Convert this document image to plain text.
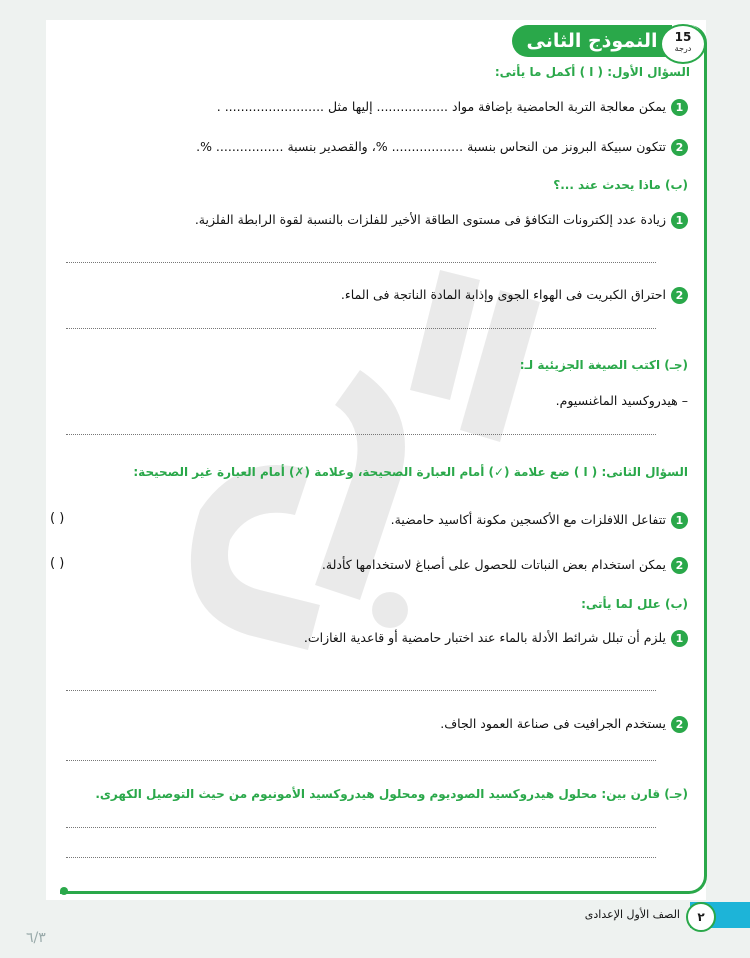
النموذج الثانى	15
درجة
السؤال الأول: ( ا ) أكمل ما يأتى:
1يمكن معالجة التربة الحامضية بإضافة مواد .................. إليها مثل ......................... .
2تتكون سبيكة البرونز من النحاس بنسبة .................. %، والقصدير بنسبة ................. %.
(ب) ماذا يحدث عند ...؟
1زيادة عدد إلكترونات التكافؤ فى مستوى الطاقة الأخير للفلزات بالنسبة لقوة الرابطة الفلزية.
2احتراق الكبريت فى الهواء الجوى وإذابة المادة الناتجة فى الماء.
(جـ) اكتب الصيغة الجزيئية لـ:
– هيدروكسيد الماغنسيوم.
السؤال الثانى: ( ا ) ضع علامة (✓) أمام العبارة الصحيحة، وعلامة (✗) أمام العبارة غير الصحيحة:
1تتفاعل اللافلزات مع الأكسجين مكونة أكاسيد حامضية.
( )
2يمكن استخدام بعض النباتات للحصول على أصباغ لاستخدامها كأدلة.
( )
(ب) علل لما يأتى:
1يلزم أن تبلل شرائط الأدلة بالماء عند اختبار حامضية أو قاعدية الغازات.
2يستخدم الجرافيت فى صناعة العمود الجاف.
(جـ) قارن بين: محلول هيدروكسيد الصوديوم ومحلول هيدروكسيد الأمونيوم من حيث التوصيل الكهرى.
٢
الصف الأول الإعدادى
٦/٣
